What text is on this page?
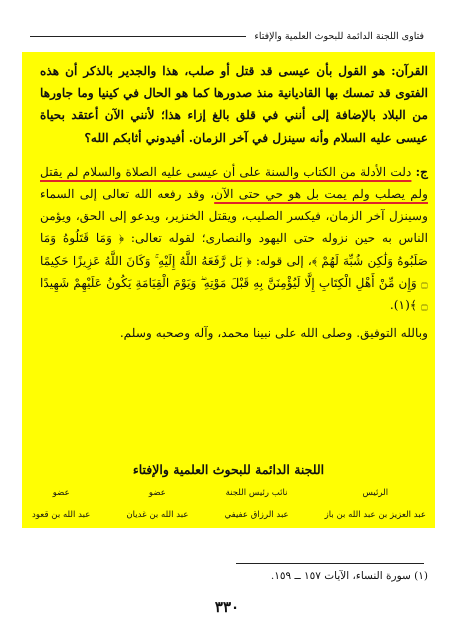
فتاوى اللجنة الدائمة للبحوث العلمية والإفتاء

القرآن: هو القول بأن عيسى قد قتل أو صلب، هذا والجدير بالذكر أن هذه الفتوى قد تمسك بها القاديانية منذ صدورها كما هو الحال في كينيا وما جاورها من البلاد بالإضافة إلى أنني في قلق بالغ إزاء هذا؛ لأنني الآن أعتقد بحياة عيسى عليه السلام وأنه سينزل في آخر الزمان. أفيدوني أثابكم الله؟

ج: دلت الأدلة من الكتاب والسنة على أن عيسى عليه الصلاة والسلام لم يقتل ولم يصلب ولم يمت بل هو حي حتى الآن، وقد رفعه الله تعالى إلى السماء وسينزل آخر الزمان، فيكسر الصليب، ويقتل الخنزير، ويدعو إلى الحق، ويؤمن الناس به حين نزوله حتى اليهود والنصارى؛ لقوله تعالى: ﴿ وَمَا قَتَلُوهُ وَمَا صَلَبُوهُ وَلَٰكِن شُبِّهَ لَهُمْ ﴾، إلى قوله: ﴿ بَل رَّفَعَهُ اللَّهُ إِلَيْهِ ۚ وَكَانَ اللَّهُ عَزِيزًا حَكِيمًا ۝ وَإِن مِّنْ أَهْلِ الْكِتَابِ إِلَّا لَيُؤْمِنَنَّ بِهِ قَبْلَ مَوْتِهِ ۖ وَيَوْمَ الْقِيَامَةِ يَكُونُ عَلَيْهِمْ شَهِيدًا ۝ ﴾(١).

وبالله التوفيق. وصلى الله على نبينا محمد، وآله وصحبه وسلم.

اللجنة الدائمة للبحوث العلمية والإفتاء
الرئيس
عبد العزيز بن عبد الله بن باز
نائب رئيس اللجنة
عبد الرزاق عفيفي
عضو
عبد الله بن غديان
عضو
عبد الله بن قعود
(١) سورة النساء، الآيات ١٥٧ ــ ١٥٩.
٣٣٠
